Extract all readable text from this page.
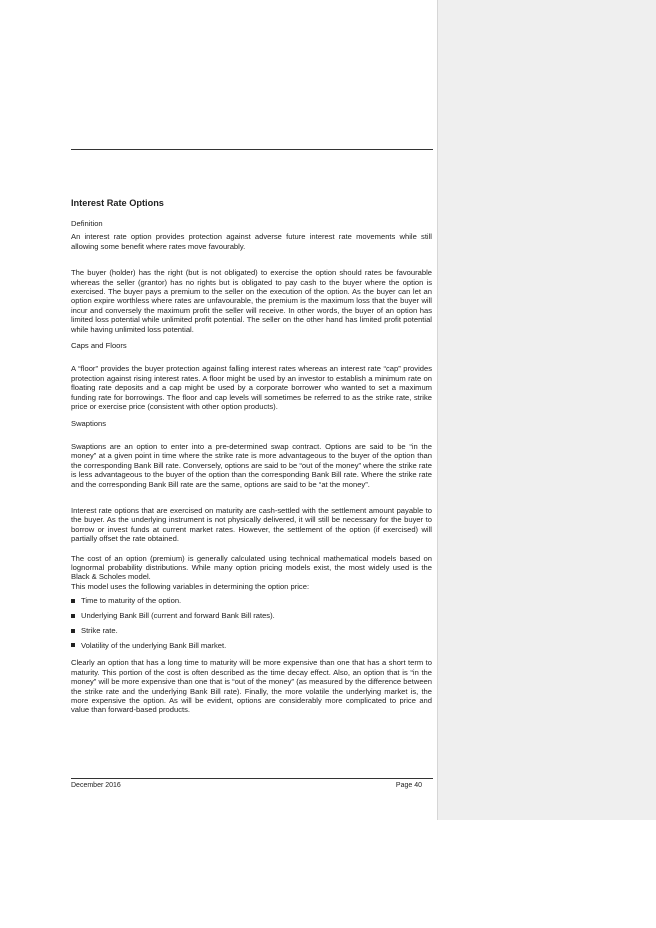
Interest Rate Options
Definition

An interest rate option provides protection against adverse future interest rate movements while still allowing some benefit where rates move favourably.

The buyer (holder) has the right (but is not obligated) to exercise the option should rates be favourable whereas the seller (grantor) has no rights but is obligated to pay cash to the buyer where the option is exercised. The buyer pays a premium to the seller on the execution of the option. As the buyer can let an option expire worthless where rates are unfavourable, the premium is the maximum loss that the buyer will incur and conversely the maximum profit the seller will receive. In other words, the buyer of an option has limited loss potential while unlimited profit potential. The seller on the other hand has limited profit potential while having unlimited loss potential.

Caps and Floors

A “floor” provides the buyer protection against falling interest rates whereas an interest rate “cap” provides protection against rising interest rates. A floor might be used by an investor to establish a minimum rate on floating rate deposits and a cap might be used by a corporate borrower who wanted to set a maximum funding rate for borrowings. The floor and cap levels will sometimes be referred to as the strike rate, strike price or exercise price (consistent with other option products).

Swaptions

Swaptions are an option to enter into a pre-determined swap contract. Options are said to be “in the money” at a given point in time where the strike rate is more advantageous to the buyer of the option than the corresponding Bank Bill rate. Conversely, options are said to be “out of the money” where the strike rate is less advantageous to the buyer of the option than the corresponding Bank Bill rate. Where the strike rate and the corresponding Bank Bill rate are the same, options are said to be “at the money”.

Interest rate options that are exercised on maturity are cash-settled with the settlement amount payable to the buyer. As the underlying instrument is not physically delivered, it will still be necessary for the buyer to borrow or invest funds at current market rates. However, the settlement of the option (if exercised) will partially offset the rate obtained.

The cost of an option (premium) is generally calculated using technical mathematical models based on lognormal probability distributions. While many option pricing models exist, the most widely used is the Black & Scholes model.

This model uses the following variables in determining the option price:

Time to maturity of the option.
Underlying Bank Bill (current and forward Bank Bill rates).
Strike rate.
Volatility of the underlying Bank Bill market.

Clearly an option that has a long time to maturity will be more expensive than one that has a short term to maturity. This portion of the cost is often described as the time decay effect. Also, an option that is “in the money” will be more expensive than one that is “out of the money” (as measured by the difference between the strike rate and the underlying Bank Bill rate). Finally, the more volatile the underlying market is, the more expensive the option. As will be evident, options are considerably more complicated to price and value than forward-based products.

December 2016	Page 40
